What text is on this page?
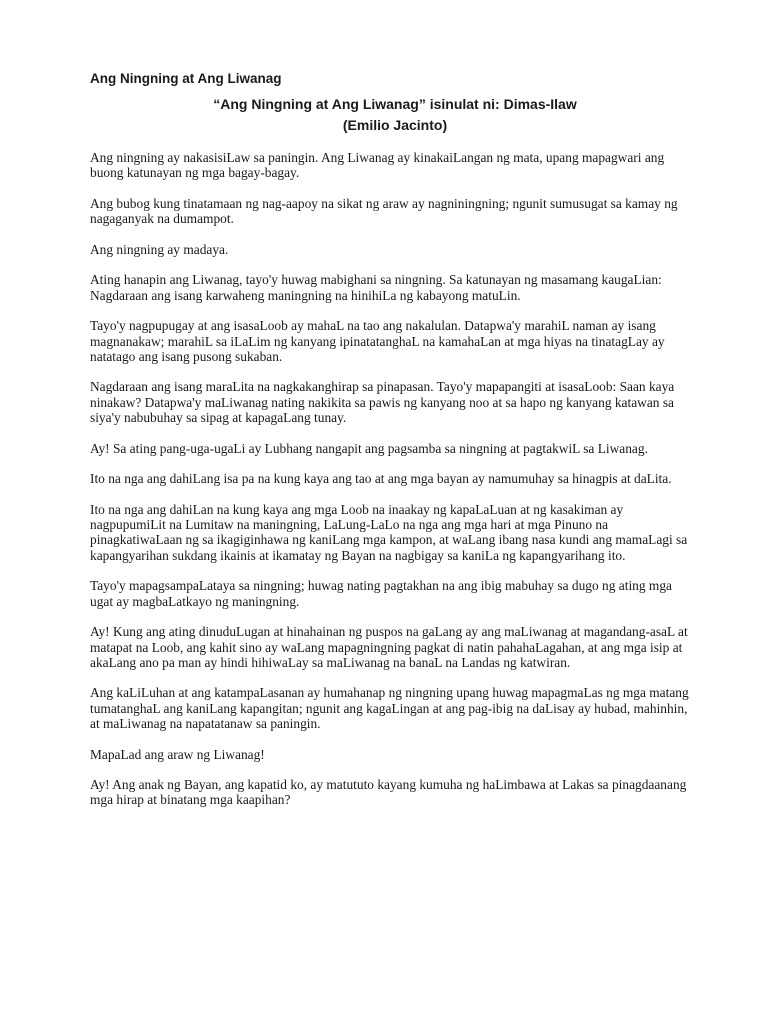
Ang Ningning at Ang Liwanag
“Ang Ningning at Ang Liwanag” isinulat ni: Dimas-Ilaw
(Emilio Jacinto)

Ang ningning ay nakasisiLaw sa paningin. Ang Liwanag ay kinakaiLangan ng mata, upang mapagwari ang buong katunayan ng mga bagay-bagay.

Ang bubog kung tinatamaan ng nag-aapoy na sikat ng araw ay nagniningning; ngunit sumusugat sa kamay ng nagaganyak na dumampot.

Ang ningning ay madaya.

Ating hanapin ang Liwanag, tayo'y huwag mabighani sa ningning. Sa katunayan ng masamang kaugaLian: Nagdaraan ang isang karwaheng maningning na hinihiLa ng kabayong matuLin.

Tayo'y nagpupugay at ang isasaLoob ay mahaL na tao ang nakalulan. Datapwa'y marahiL naman ay isang magnanakaw; marahiL sa iLaLim ng kanyang ipinatatanghaL na kamahaLan at mga hiyas na tinatagLay ay natatago ang isang pusong sukaban.

Nagdaraan ang isang maraLita na nagkakanghirap sa pinapasan. Tayo'y mapapangiti at isasaLoob: Saan kaya ninakaw? Datapwa'y maLiwanag nating nakikita sa pawis ng kanyang noo at sa hapo ng kanyang katawan sa siya'y nabubuhay sa sipag at kapagaLang tunay.

Ay! Sa ating pang-uga-ugaLi ay Lubhang nangapit ang pagsamba sa ningning at pagtakwiL sa Liwanag.

Ito na nga ang dahiLang isa pa na kung kaya ang tao at ang mga bayan ay namumuhay sa hinagpis at daLita.

Ito na nga ang dahiLan na kung kaya ang mga Loob na inaakay ng kapaLaLuan at ng kasakiman ay nagpupumiLit na Lumitaw na maningning, LaLung-LaLo na nga ang mga hari at mga Pinuno na pinagkatiwaLaan ng sa ikagiginhawa ng kaniLang mga kampon, at waLang ibang nasa kundi ang mamaLagi sa kapangyarihan sukdang ikainis at ikamatay ng Bayan na nagbigay sa kaniLa ng kapangyarihang ito.

Tayo'y mapagsampaLataya sa ningning; huwag nating pagtakhan na ang ibig mabuhay sa dugo ng ating mga ugat ay magbaLatkayo ng maningning.

Ay! Kung ang ating dinuduLugan at hinahainan ng puspos na gaLang ay ang maLiwanag at magandang-asaL at matapat na Loob, ang kahit sino ay waLang mapagningning pagkat di natin pahahaLagahan, at ang mga isip at akaLang ano pa man ay hindi hihiwaLay sa maLiwanag na banaL na Landas ng katwiran.

Ang kaLiLuhan at ang katampaLasanan ay humahanap ng ningning upang huwag mapagmaLas ng mga matang tumatanghaL ang kaniLang kapangitan; ngunit ang kagaLingan at ang pag-ibig na daLisay ay hubad, mahinhin, at maLiwanag na napatatanaw sa paningin.

MapaLad ang araw ng Liwanag!

Ay! Ang anak ng Bayan, ang kapatid ko, ay matututo kayang kumuha ng haLimbawa at Lakas sa pinagdaanang mga hirap at binatang mga kaapihan?
